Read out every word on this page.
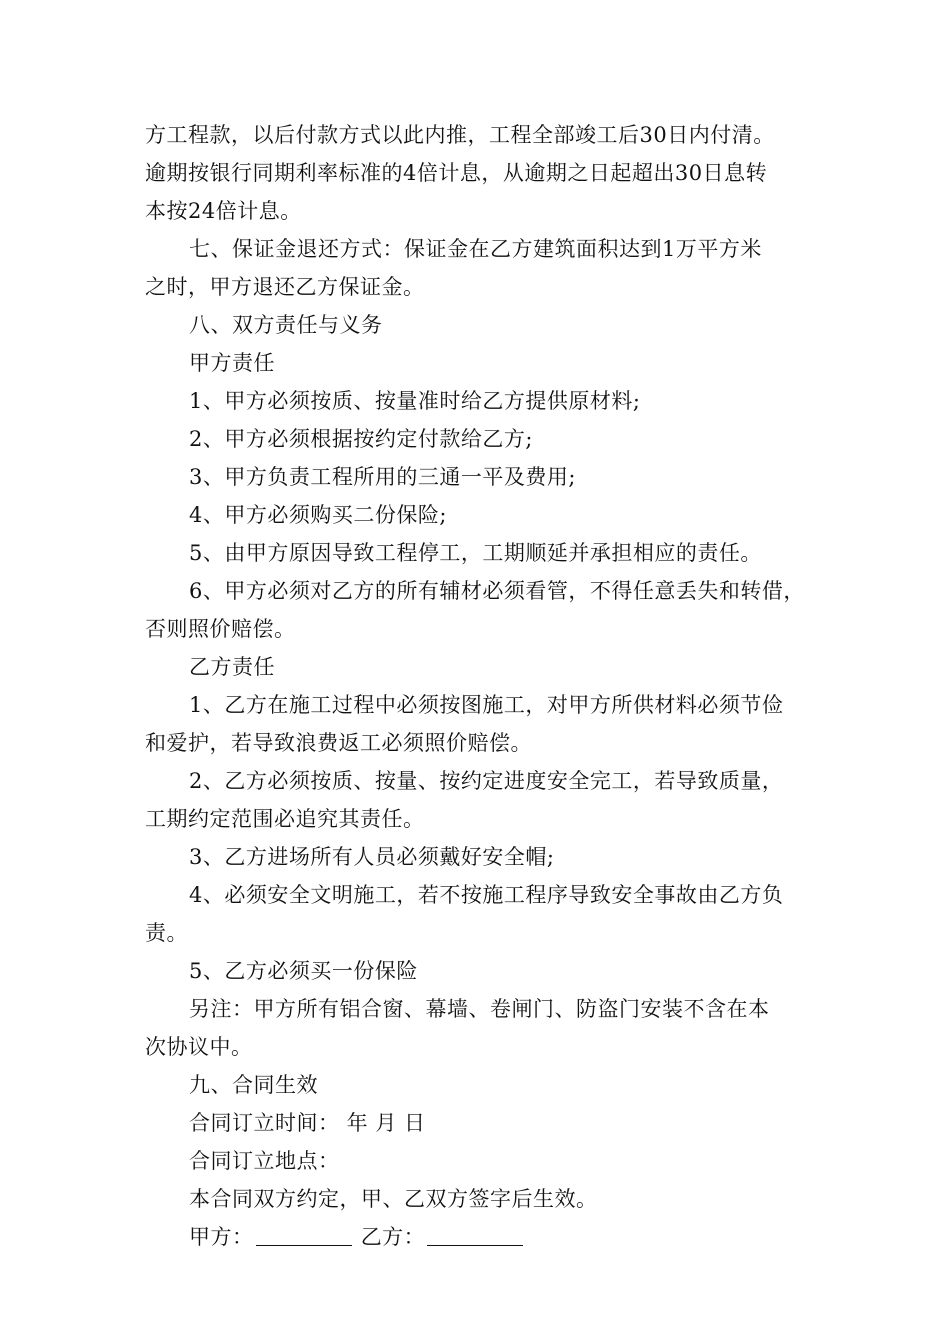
方工程款，以后付款方式以此内推，工程全部竣工后30日内付清。
逾期按银行同期利率标准的4倍计息，从逾期之日起超出30日息转
本按24倍计息。
七、保证金退还方式：保证金在乙方建筑面积达到1万平方米
之时，甲方退还乙方保证金。
八、双方责任与义务
甲方责任
1、甲方必须按质、按量准时给乙方提供原材料;
2、甲方必须根据按约定付款给乙方;
3、甲方负责工程所用的三通一平及费用;
4、甲方必须购买二份保险;
5、由甲方原因导致工程停工，工期顺延并承担相应的责任。
6、甲方必须对乙方的所有辅材必须看管，不得任意丢失和转借，
否则照价赔偿。
乙方责任
1、乙方在施工过程中必须按图施工，对甲方所供材料必须节俭
和爱护，若导致浪费返工必须照价赔偿。
2、乙方必须按质、按量、按约定进度安全完工，若导致质量，
工期约定范围必追究其责任。
3、乙方进场所有人员必须戴好安全帽;
4、必须安全文明施工，若不按施工程序导致安全事故由乙方负
责。
5、乙方必须买一份保险
另注：甲方所有铝合窗、幕墙、卷闸门、防盗门安装不含在本
次协议中。
九、合同生效
合同订立时间： 年 月 日
合同订立地点：
本合同双方约定，甲、乙双方签字后生效。
甲方：	乙方：
